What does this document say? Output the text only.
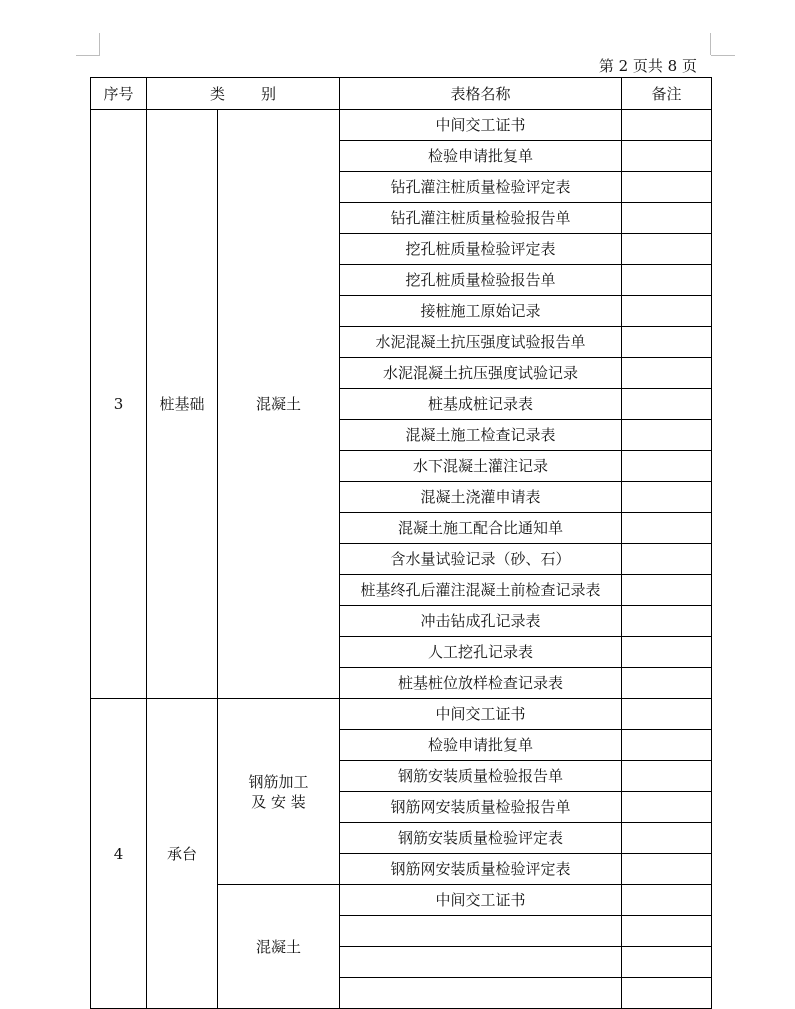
第 2 页共 8 页
序号	类 别		表格名称	备注
3	桩基础	混凝土	中间交工证书	
			检验申请批复单	
			钻孔灌注桩质量检验评定表	
			钻孔灌注桩质量检验报告单	
			挖孔桩质量检验评定表	
			挖孔桩质量检验报告单	
			接桩施工原始记录	
			水泥混凝土抗压强度试验报告单	
			水泥混凝土抗压强度试验记录	
			桩基成桩记录表	
			混凝土施工检查记录表	
			水下混凝土灌注记录	
			混凝土浇灌申请表	
			混凝土施工配合比通知单	
			含水量试验记录（砂、石）	
			桩基终孔后灌注混凝土前检查记录表	
			冲击钻成孔记录表	
			人工挖孔记录表	
			桩基桩位放样检查记录表	
4	承台	钢筋加工
及 安 装	中间交工证书	
			检验申请批复单	
			钢筋安装质量检验报告单	
			钢筋网安装质量检验报告单	
			钢筋安装质量检验评定表	
			钢筋网安装质量检验评定表	
		混凝土	中间交工证书	
